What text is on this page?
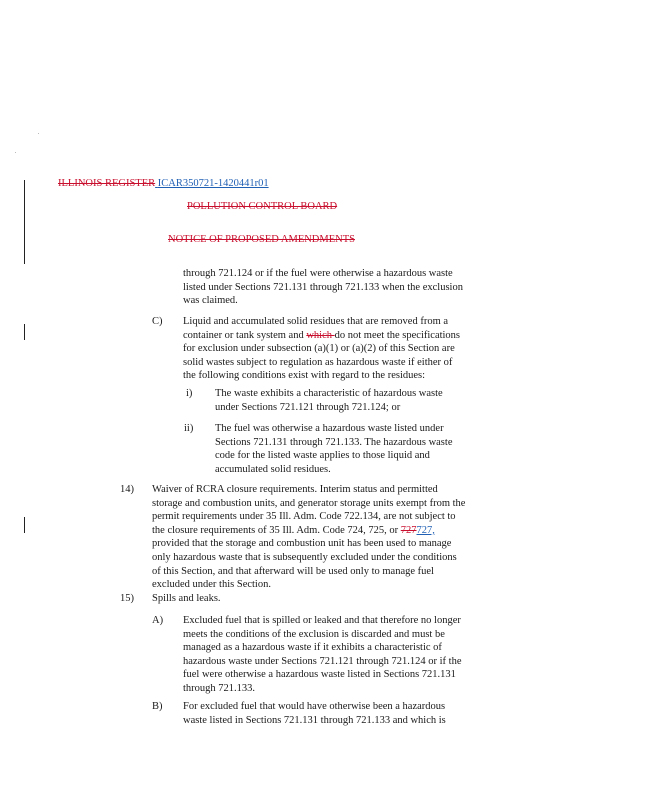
ILLINOIS REGISTER ICAR350721-1420441r01
POLLUTION CONTROL BOARD
NOTICE OF PROPOSED AMENDMENTS
through 721.124 or if the fuel were otherwise a hazardous waste
listed under Sections 721.131 through 721.133 when the exclusion
was claimed.
C) Liquid and accumulated solid residues that are removed from a
container or tank system and which do not meet the specifications
for exclusion under subsection (a)(1) or (a)(2) of this Section are
solid wastes subject to regulation as hazardous waste if either of
the following conditions exist with regard to the residues:
i) The waste exhibits a characteristic of hazardous waste
under Sections 721.121 through 721.124; or
ii) The fuel was otherwise a hazardous waste listed under
Sections 721.131 through 721.133. The hazardous waste
code for the listed waste applies to those liquid and
accumulated solid residues.
14) Waiver of RCRA closure requirements. Interim status and permitted
storage and combustion units, and generator storage units exempt from the
permit requirements under 35 Ill. Adm. Code 722.134, are not subject to
the closure requirements of 35 Ill. Adm. Code 724, 725, or 727727,
provided that the storage and combustion unit has been used to manage
only hazardous waste that is subsequently excluded under the conditions
of this Section, and that afterward will be used only to manage fuel
excluded under this Section.
15) Spills and leaks.
A) Excluded fuel that is spilled or leaked and that therefore no longer
meets the conditions of the exclusion is discarded and must be
managed as a hazardous waste if it exhibits a characteristic of
hazardous waste under Sections 721.121 through 721.124 or if the
fuel were otherwise a hazardous waste listed in Sections 721.131
through 721.133.
B) For excluded fuel that would have otherwise been a hazardous
waste listed in Sections 721.131 through 721.133 and which is
